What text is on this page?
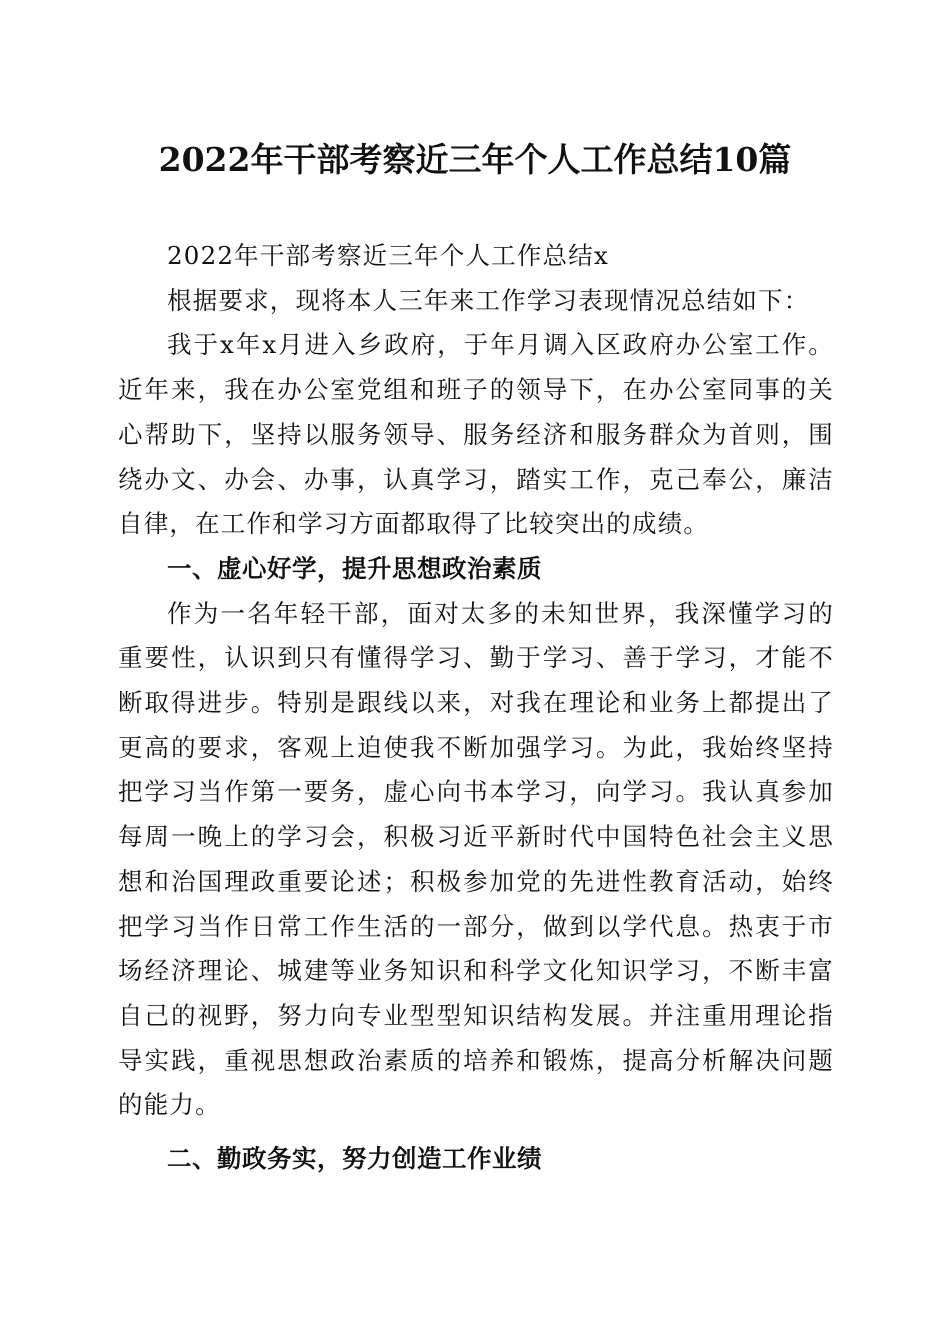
2022年干部考察近三年个人工作总结10篇

2022年干部考察近三年个人工作总结x

根据要求，现将本人三年来工作学习表现情况总结如下：

我于x年x月进入乡政府，于年月调入区政府办公室工作。近年来，我在办公室党组和班子的领导下，在办公室同事的关心帮助下，坚持以服务领导、服务经济和服务群众为首则，围绕办文、办会、办事，认真学习，踏实工作，克己奉公，廉洁自律，在工作和学习方面都取得了比较突出的成绩。

一、虚心好学，提升思想政治素质

作为一名年轻干部，面对太多的未知世界，我深懂学习的重要性，认识到只有懂得学习、勤于学习、善于学习，才能不断取得进步。特别是跟线以来，对我在理论和业务上都提出了更高的要求，客观上迫使我不断加强学习。为此，我始终坚持把学习当作第一要务，虚心向书本学习，向学习。我认真参加每周一晚上的学习会，积极习近平新时代中国特色社会主义思想和治国理政重要论述；积极参加党的先进性教育活动，始终把学习当作日常工作生活的一部分，做到以学代息。热衷于市场经济理论、城建等业务知识和科学文化知识学习，不断丰富自己的视野，努力向专业型型知识结构发展。并注重用理论指导实践，重视思想政治素质的培养和锻炼，提高分析解决问题的能力。

二、勤政务实，努力创造工作业绩
